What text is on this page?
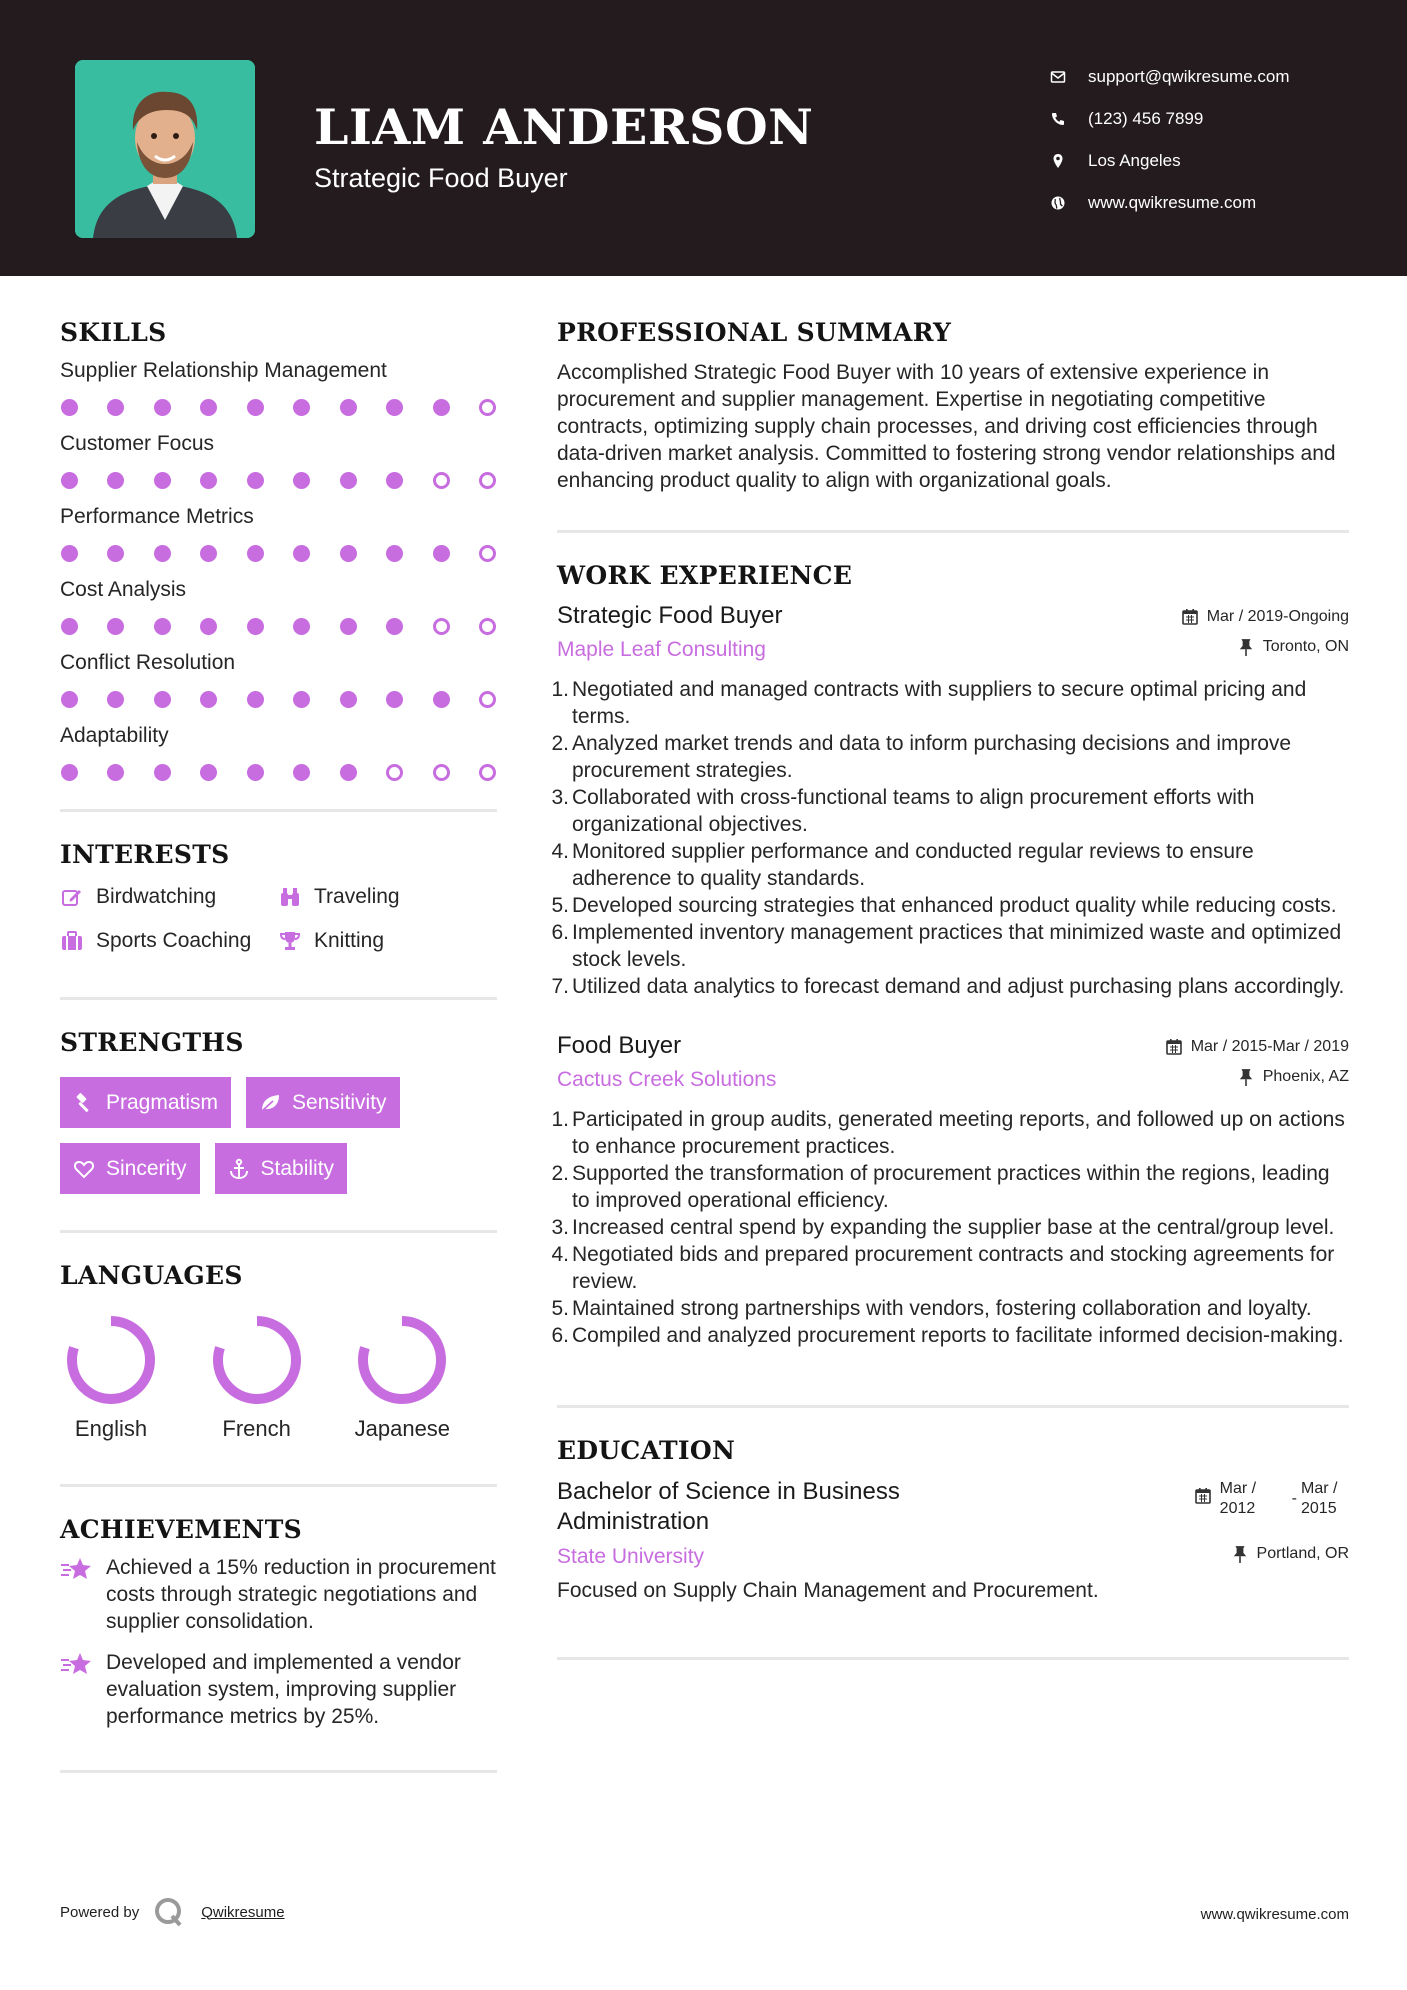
LIAM ANDERSON
Strategic Food Buyer
support@qwikresume.com
(123) 456 7899
Los Angeles
www.qwikresume.com
SKILLS
Supplier Relationship Management
Customer Focus
Performance Metrics
Cost Analysis
Conflict Resolution
Adaptability
INTERESTS
Birdwatching	Traveling
Sports Coaching	Knitting
STRENGTHS
Pragmatism	Sensitivity
Sincerity	Stability
LANGUAGES
English	French	Japanese
ACHIEVEMENTS
Achieved a 15% reduction in procurement costs through strategic negotiations and supplier consolidation.
Developed and implemented a vendor evaluation system, improving supplier performance metrics by 25%.
PROFESSIONAL SUMMARY
Accomplished Strategic Food Buyer with 10 years of extensive experience in procurement and supplier management. Expertise in negotiating competitive contracts, optimizing supply chain processes, and driving cost efficiencies through data-driven market analysis. Committed to fostering strong vendor relationships and enhancing product quality to align with organizational goals.
WORK EXPERIENCE
Strategic Food Buyer
Maple Leaf Consulting
Mar / 2019-Ongoing
Toronto, ON
1. Negotiated and managed contracts with suppliers to secure optimal pricing and terms.
2. Analyzed market trends and data to inform purchasing decisions and improve procurement strategies.
3. Collaborated with cross-functional teams to align procurement efforts with organizational objectives.
4. Monitored supplier performance and conducted regular reviews to ensure adherence to quality standards.
5. Developed sourcing strategies that enhanced product quality while reducing costs.
6. Implemented inventory management practices that minimized waste and optimized stock levels.
7. Utilized data analytics to forecast demand and adjust purchasing plans accordingly.
Food Buyer
Cactus Creek Solutions
Mar / 2015-Mar / 2019
Phoenix, AZ
1. Participated in group audits, generated meeting reports, and followed up on actions to enhance procurement practices.
2. Supported the transformation of procurement practices within the regions, leading to improved operational efficiency.
3. Increased central spend by expanding the supplier base at the central/group level.
4. Negotiated bids and prepared procurement contracts and stocking agreements for review.
5. Maintained strong partnerships with vendors, fostering collaboration and loyalty.
6. Compiled and analyzed procurement reports to facilitate informed decision-making.
EDUCATION
Bachelor of Science in Business Administration
State University
Mar / 2012
-
Mar / 2015
Portland, OR
Focused on Supply Chain Management and Procurement.
Powered by	Qwikresume	www.qwikresume.com
